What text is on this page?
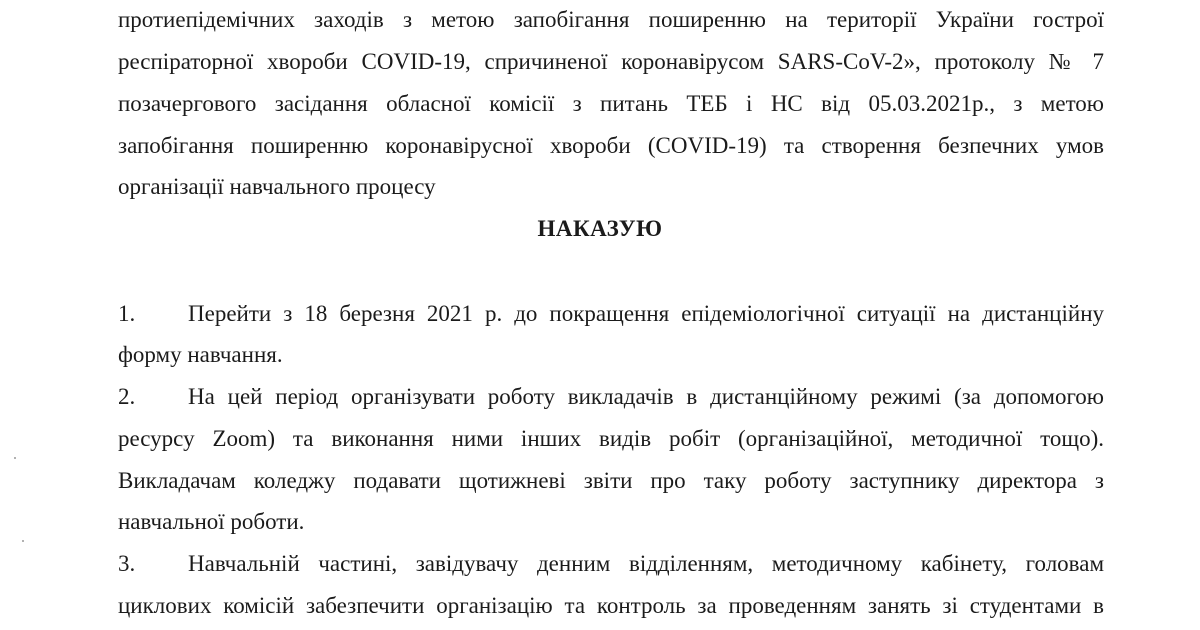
протиепідемічних заходів з метою запобігання поширенню на території України гострої
респіраторної хвороби COVID-19, спричиненої коронавірусом SARS-CoV-2», протоколу № 7
позачергового засідання обласної комісії з питань ТЕБ і НС від 05.03.2021р., з метою
запобігання поширенню коронавірусної хвороби (COVID-19) та створення безпечних умов
організації навчального процесу
НАКАЗУЮ
1. Перейти з 18 березня 2021 р. до покращення епідеміологічної ситуації на дистанційну
форму навчання.
2. На цей період організувати роботу викладачів в дистанційному режимі (за допомогою
ресурсу Zoom) та виконання ними інших видів робіт (організаційної, методичної тощо).
Викладачам коледжу подавати щотижневі звіти про таку роботу заступнику директора з
навчальної роботи.
3. Навчальній частині, завідувачу денним відділенням, методичному кабінету, головам
циклових комісій забезпечити організацію та контроль за проведенням занять зі студентами в
